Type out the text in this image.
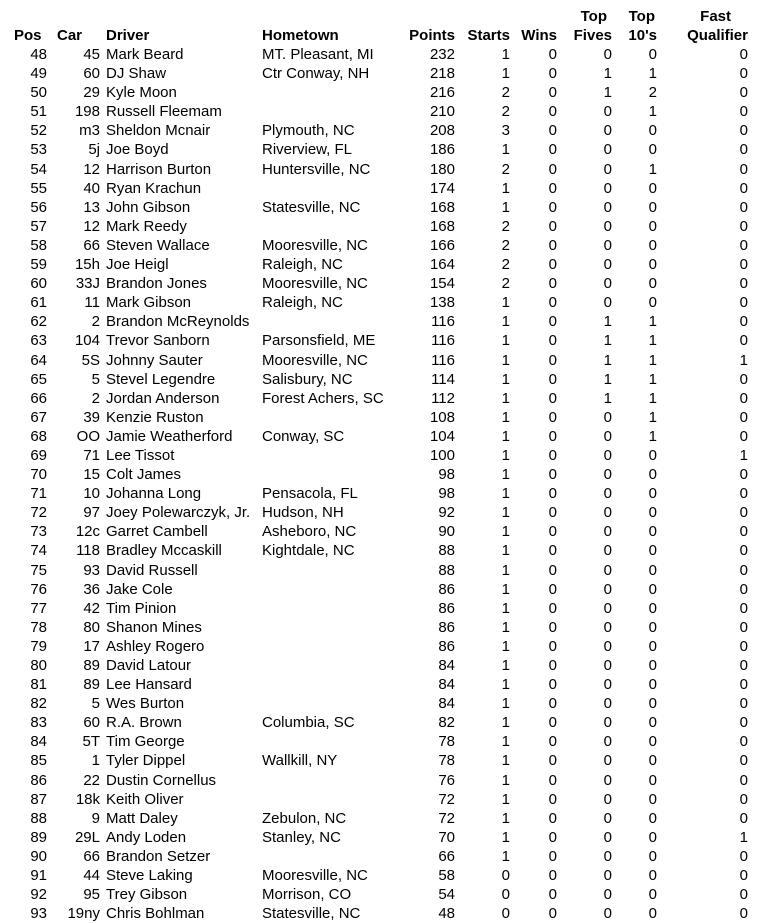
							Top	Top	Fast
Pos	Car	Driver	Hometown	Points	Starts	Wins	Fives	10's	Qualifier
48	45	Mark Beard	MT. Pleasant, MI	232	1	0	0	0	0
49	60	DJ Shaw	Ctr Conway, NH	218	1	0	1	1	0
50	29	Kyle Moon		216	2	0	1	2	0
51	198	Russell Fleemam		210	2	0	0	1	0
52	m3	Sheldon Mcnair	Plymouth, NC	208	3	0	0	0	0
53	5j	Joe Boyd	Riverview, FL	186	1	0	0	0	0
54	12	Harrison Burton	Huntersville, NC	180	2	0	0	1	0
55	40	Ryan Krachun		174	1	0	0	0	0
56	13	John Gibson	Statesville, NC	168	1	0	0	0	0
57	12	Mark Reedy		168	2	0	0	0	0
58	66	Steven Wallace	Mooresville, NC	166	2	0	0	0	0
59	15h	Joe Heigl	Raleigh, NC	164	2	0	0	0	0
60	33J	Brandon Jones	Mooresville, NC	154	2	0	0	0	0
61	11	Mark Gibson	Raleigh, NC	138	1	0	0	0	0
62	2	Brandon McReynolds		116	1	0	1	1	0
63	104	Trevor Sanborn	Parsonsfield, ME	116	1	0	1	1	0
64	5S	Johnny Sauter	Mooresville, NC	116	1	0	1	1	1
65	5	Stevel Legendre	Salisbury, NC	114	1	0	1	1	0
66	2	Jordan Anderson	Forest Achers, SC	112	1	0	1	1	0
67	39	Kenzie Ruston		108	1	0	0	1	0
68	OO	Jamie Weatherford	Conway, SC	104	1	0	0	1	0
69	71	Lee Tissot		100	1	0	0	0	1
70	15	Colt James		98	1	0	0	0	0
71	10	Johanna Long	Pensacola, FL	98	1	0	0	0	0
72	97	Joey Polewarczyk, Jr.	Hudson, NH	92	1	0	0	0	0
73	12c	Garret Cambell	Asheboro, NC	90	1	0	0	0	0
74	118	Bradley Mccaskill	Kightdale, NC	88	1	0	0	0	0
75	93	David Russell		88	1	0	0	0	0
76	36	Jake Cole		86	1	0	0	0	0
77	42	Tim Pinion		86	1	0	0	0	0
78	80	Shanon Mines		86	1	0	0	0	0
79	17	Ashley Rogero		86	1	0	0	0	0
80	89	David Latour		84	1	0	0	0	0
81	89	Lee Hansard		84	1	0	0	0	0
82	5	Wes Burton		84	1	0	0	0	0
83	60	R.A. Brown	Columbia, SC	82	1	0	0	0	0
84	5T	Tim George		78	1	0	0	0	0
85	1	Tyler Dippel	Wallkill, NY	78	1	0	0	0	0
86	22	Dustin Cornellus		76	1	0	0	0	0
87	18k	Keith Oliver		72	1	0	0	0	0
88	9	Matt Daley	Zebulon, NC	72	1	0	0	0	0
89	29L	Andy Loden	Stanley, NC	70	1	0	0	0	1
90	66	Brandon Setzer		66	1	0	0	0	0
91	44	Steve Laking	Mooresville, NC	58	0	0	0	0	0
92	95	Trey Gibson	Morrison, CO	54	0	0	0	0	0
93	19ny	Chris Bohlman	Statesville, NC	48	0	0	0	0	0
